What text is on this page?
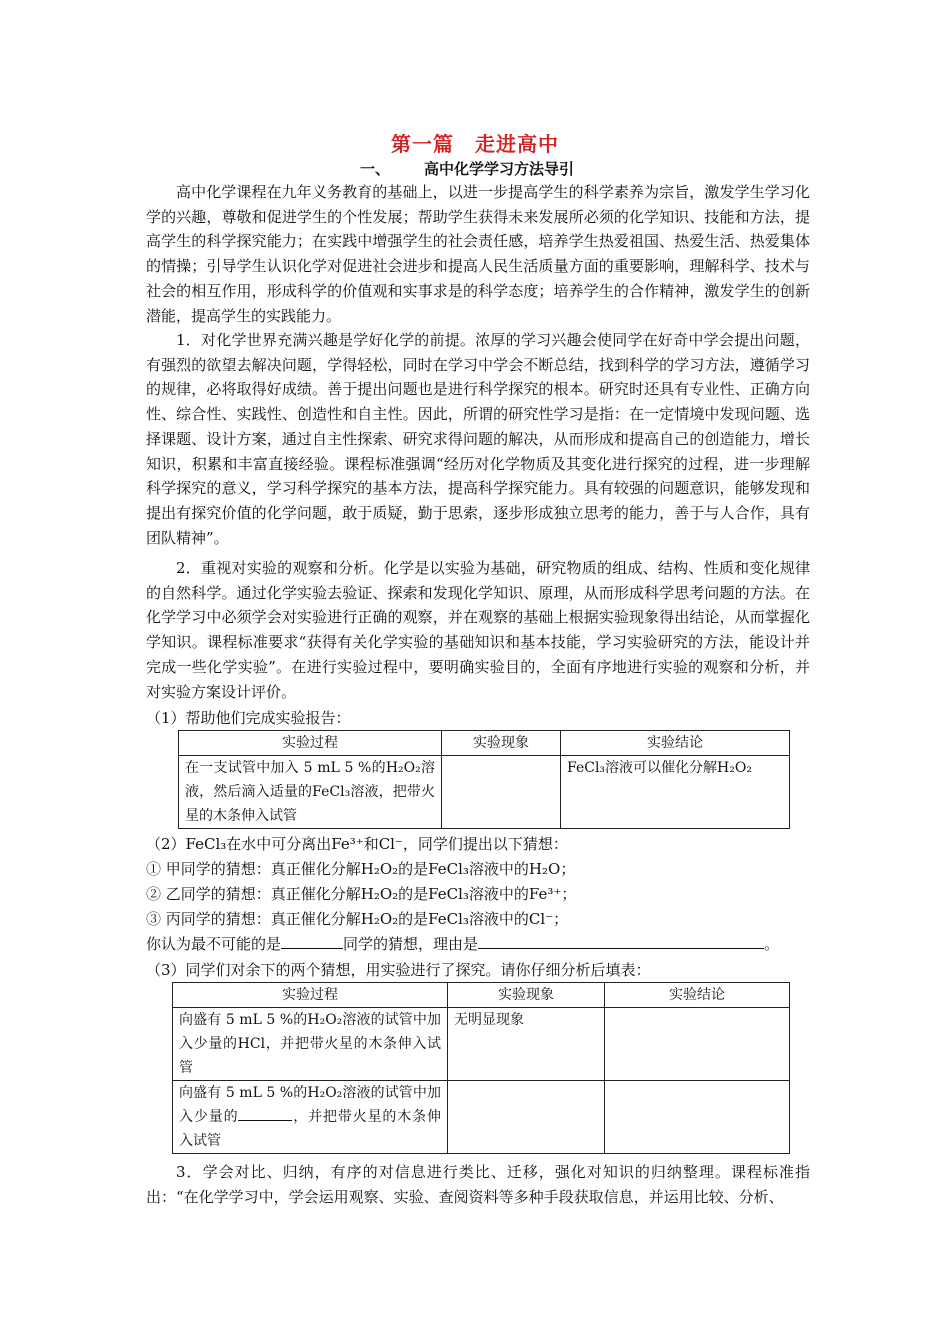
第一篇　走进高中
一、 高中化学学习方法导引

高中化学课程在九年义务教育的基础上，以进一步提高学生的科学素养为宗旨，激发学生学习化学的兴趣，尊敬和促进学生的个性发展；帮助学生获得未来发展所必须的化学知识、技能和方法，提高学生的科学探究能力；在实践中增强学生的社会责任感，培养学生热爱祖国、热爱生活、热爱集体的情操；引导学生认识化学对促进社会进步和提高人民生活质量方面的重要影响，理解科学、技术与社会的相互作用，形成科学的价值观和实事求是的科学态度；培养学生的合作精神，激发学生的创新潜能，提高学生的实践能力。

1．对化学世界充满兴趣是学好化学的前提。浓厚的学习兴趣会使同学在好奇中学会提出问题，有强烈的欲望去解决问题，学得轻松，同时在学习中学会不断总结，找到科学的学习方法，遵循学习的规律，必将取得好成绩。善于提出问题也是进行科学探究的根本。研究时还具有专业性、正确方向性、综合性、实践性、创造性和自主性。因此，所谓的研究性学习是指：在一定情境中发现问题、选择课题、设计方案，通过自主性探索、研究求得问题的解决，从而形成和提高自己的创造能力，增长知识，积累和丰富直接经验。课程标准强调“经历对化学物质及其变化进行探究的过程，进一步理解科学探究的意义，学习科学探究的基本方法，提高科学探究能力。具有较强的问题意识，能够发现和提出有探究价值的化学问题，敢于质疑，勤于思索，逐步形成独立思考的能力，善于与人合作，具有团队精神”。

2．重视对实验的观察和分析。化学是以实验为基础，研究物质的组成、结构、性质和变化规律的自然科学。通过化学实验去验证、探索和发现化学知识、原理，从而形成科学思考问题的方法。在化学学习中必须学会对实验进行正确的观察，并在观察的基础上根据实验现象得出结论，从而掌握化学知识。课程标准要求“获得有关化学实验的基础知识和基本技能，学习实验研究的方法，能设计并完成一些化学实验”。在进行实验过程中，要明确实验目的，全面有序地进行实验的观察和分析，并对实验方案设计评价。

（1）帮助他们完成实验报告：

实验过程	实验现象	实验结论
在一支试管中加入 5 mL 5 %的H₂O₂溶液，然后滴入适量的FeCl₃溶液，把带火星的木条伸入试管		FeCl₃溶液可以催化分解H₂O₂

（2）FeCl₃在水中可分离出Fe³⁺和Cl⁻，同学们提出以下猜想：

① 甲同学的猜想：真正催化分解H₂O₂的是FeCl₃溶液中的H₂O；

② 乙同学的猜想：真正催化分解H₂O₂的是FeCl₃溶液中的Fe³⁺；

③ 丙同学的猜想：真正催化分解H₂O₂的是FeCl₃溶液中的Cl⁻；

你认为最不可能的是	同学的猜想，理由是	。

（3）同学们对余下的两个猜想，用实验进行了探究。请你仔细分析后填表：

实验过程	实验现象	实验结论
向盛有 5 mL 5 %的H₂O₂溶液的试管中加入少量的HCl，并把带火星的木条伸入试管	无明显现象	
向盛有 5 mL 5 %的H₂O₂溶液的试管中加入少量的 ，并把带火星的木条伸入试管		

3．学会对比、归纳，有序的对信息进行类比、迁移，强化对知识的归纳整理。课程标准指出：“在化学学习中，学会运用观察、实验、查阅资料等多种手段获取信息，并运用比较、分析、
